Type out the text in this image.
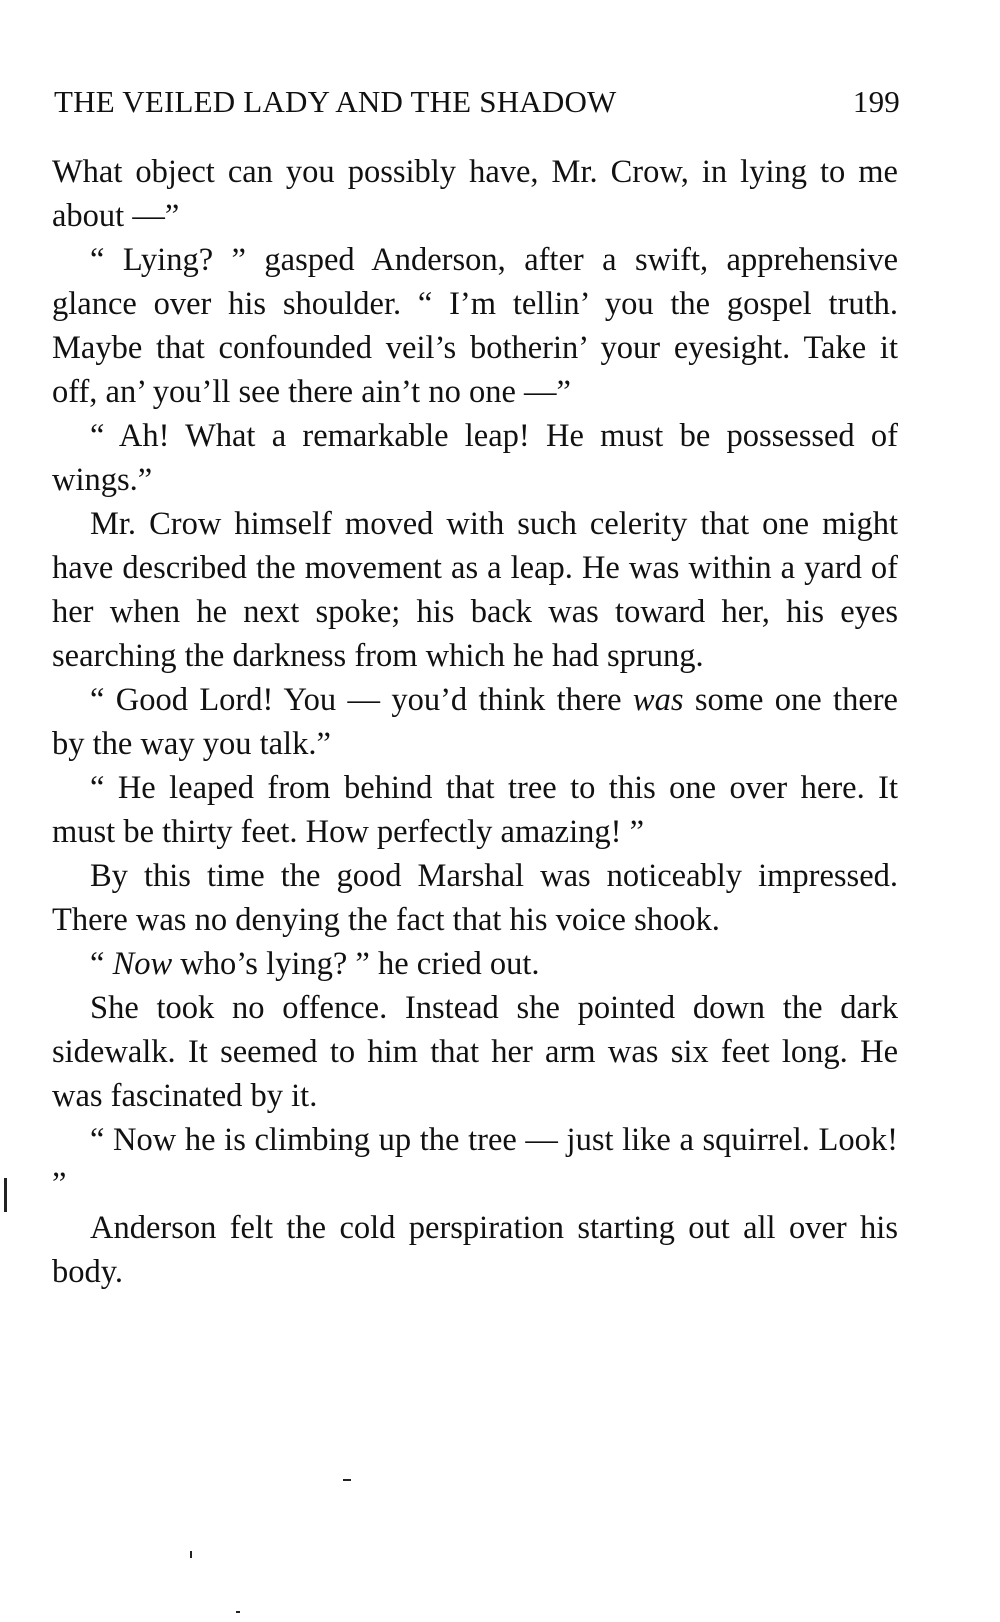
THE VEILED LADY AND THE SHADOW	199

What object can you possibly have, Mr. Crow, in lying to me about —”

“ Lying? ” gasped Anderson, after a swift, apprehensive glance over his shoulder. “ I’m tellin’ you the gospel truth. Maybe that confounded veil’s botherin’ your eyesight. Take it off, an’ you’ll see there ain’t no one —”

“ Ah! What a remarkable leap! He must be possessed of wings.”

Mr. Crow himself moved with such celerity that one might have described the movement as a leap. He was within a yard of her when he next spoke; his back was toward her, his eyes searching the darkness from which he had sprung.

“ Good Lord! You — you’d think there was some one there by the way you talk.”

“ He leaped from behind that tree to this one over here. It must be thirty feet. How perfectly amazing! ”

By this time the good Marshal was noticeably impressed. There was no denying the fact that his voice shook.

“ Now who’s lying? ” he cried out.

She took no offence. Instead she pointed down the dark sidewalk. It seemed to him that her arm was six feet long. He was fascinated by it.

“ Now he is climbing up the tree — just like a squirrel. Look! ”

Anderson felt the cold perspiration starting out all over his body.
